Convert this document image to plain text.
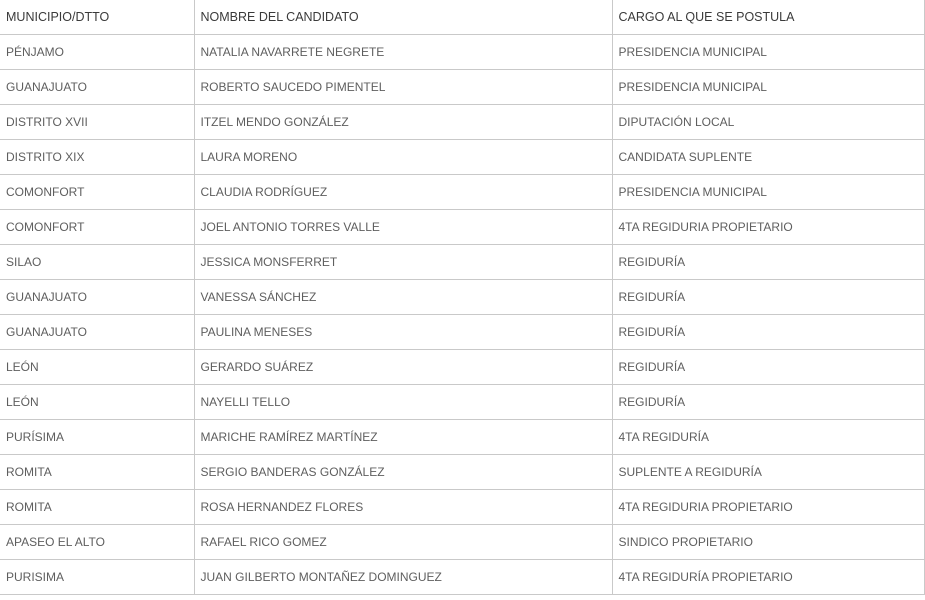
MUNICIPIO/DTTO	NOMBRE DEL CANDIDATO	CARGO AL QUE SE POSTULA
PÉNJAMO	NATALIA NAVARRETE NEGRETE	PRESIDENCIA MUNICIPAL
GUANAJUATO	ROBERTO SAUCEDO PIMENTEL	PRESIDENCIA MUNICIPAL
DISTRITO XVII	ITZEL MENDO GONZÁLEZ	DIPUTACIÓN LOCAL
DISTRITO XIX	LAURA MORENO	CANDIDATA SUPLENTE
COMONFORT	CLAUDIA RODRÍGUEZ	PRESIDENCIA MUNICIPAL
COMONFORT	JOEL ANTONIO TORRES VALLE	4TA REGIDURIA PROPIETARIO
SILAO	JESSICA MONSFERRET	REGIDURÍA
GUANAJUATO	VANESSA SÁNCHEZ	REGIDURÍA
GUANAJUATO	PAULINA MENESES	REGIDURÍA
LEÓN	GERARDO SUÁREZ	REGIDURÍA
LEÓN	NAYELLI TELLO	REGIDURÍA
PURÍSIMA	MARICHE RAMÍREZ MARTÍNEZ	4TA REGIDURÍA
ROMITA	SERGIO BANDERAS GONZÁLEZ	SUPLENTE A REGIDURÍA
ROMITA	ROSA HERNANDEZ FLORES	4TA REGIDURIA PROPIETARIO
APASEO EL ALTO	RAFAEL RICO GOMEZ	SINDICO PROPIETARIO
PURISIMA	JUAN GILBERTO MONTAÑEZ DOMINGUEZ	4TA REGIDURÍA PROPIETARIO
